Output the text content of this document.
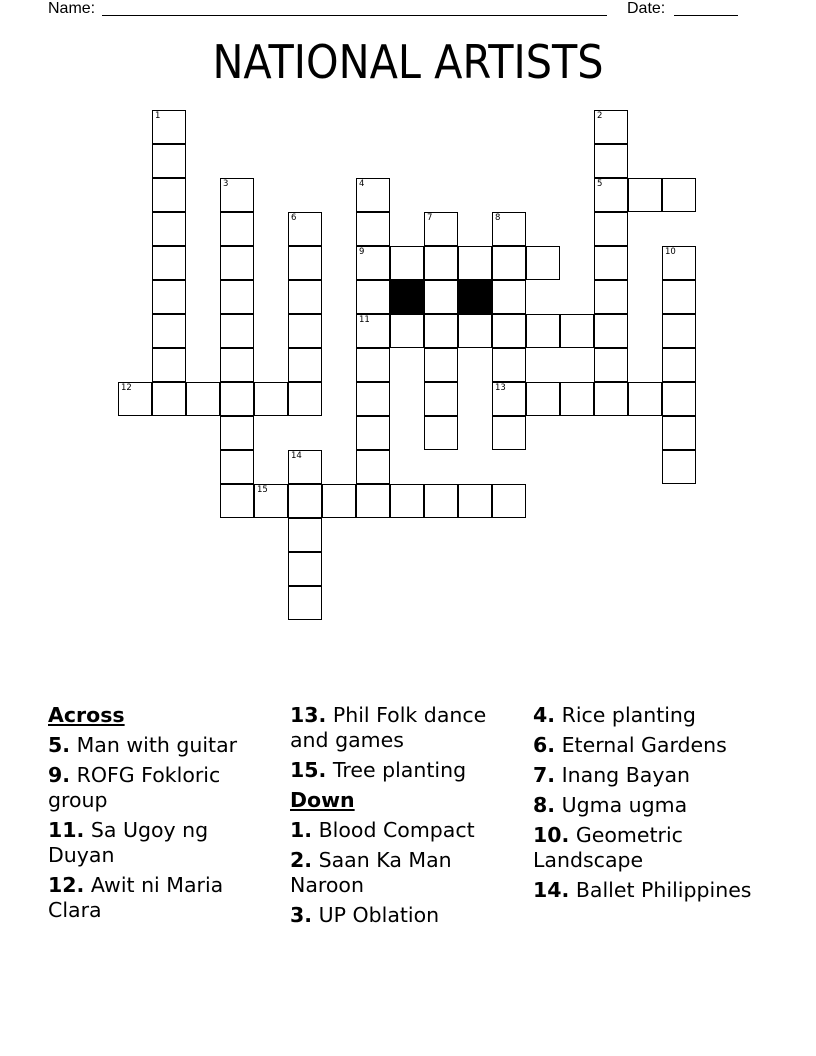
Name:	Date:
NATIONAL ARTISTS
1	2
5
3	4
9
11
6	7	8
13
10
12
14
15
Across
5. Man with guitar
9. ROFG Fokloric group
11. Sa Ugoy ng Duyan
12. Awit ni Maria Clara
13. Phil Folk dance and games
15. Tree planting
Down
1. Blood Compact
2. Saan Ka Man Naroon
3. UP Oblation
4. Rice planting
6. Eternal Gardens
7. Inang Bayan
8. Ugma ugma
10. Geometric Landscape
14. Ballet Philippines
